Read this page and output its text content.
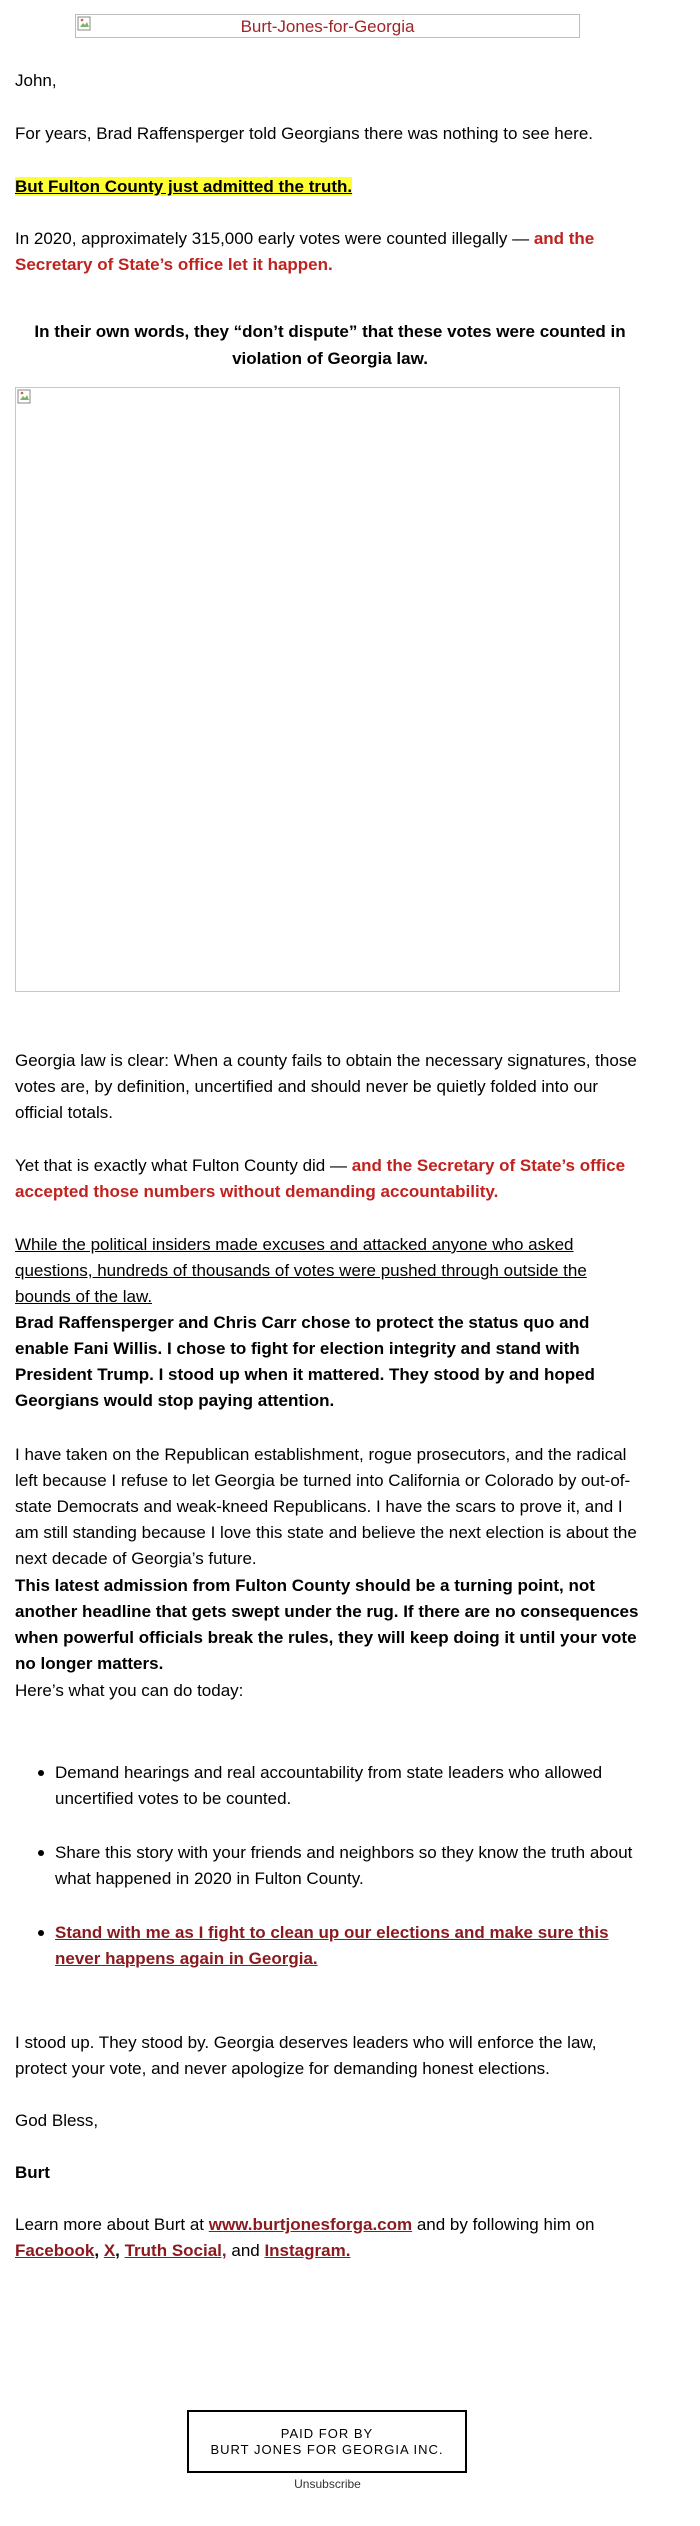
Burt-Jones-for-Georgia
John,
For years, Brad Raffensperger told Georgians there was nothing to see here.
But Fulton County just admitted the truth.
In 2020, approximately 315,000 early votes were counted illegally — and the Secretary of State’s office let it happen.
In their own words, they “don’t dispute” that these votes were counted in
violation of Georgia law.
Georgia law is clear: When a county fails to obtain the necessary signatures, those votes are, by definition, uncertified and should never be quietly folded into our official totals.
Yet that is exactly what Fulton County did — and the Secretary of State’s office accepted those numbers without demanding accountability.
While the political insiders made excuses and attacked anyone who asked questions, hundreds of thousands of votes were pushed through outside the bounds of the law.
Brad Raffensperger and Chris Carr chose to protect the status quo and enable Fani Willis. I chose to fight for election integrity and stand with President Trump. I stood up when it mattered. They stood by and hoped Georgians would stop paying attention.
I have taken on the Republican establishment, rogue prosecutors, and the radical left because I refuse to let Georgia be turned into California or Colorado by out-of-state Democrats and weak-kneed Republicans. I have the scars to prove it, and I am still standing because I love this state and believe the next election is about the next decade of Georgia’s future.
This latest admission from Fulton County should be a turning point, not another headline that gets swept under the rug. If there are no consequences when powerful officials break the rules, they will keep doing it until your vote no longer matters.
Here’s what you can do today:
Demand hearings and real accountability from state leaders who allowed uncertified votes to be counted.
Share this story with your friends and neighbors so they know the truth about what happened in 2020 in Fulton County.
Stand with me as I fight to clean up our elections and make sure this never happens again in Georgia.
I stood up. They stood by. Georgia deserves leaders who will enforce the law, protect your vote, and never apologize for demanding honest elections.
God Bless,
Burt
Learn more about Burt at www.burtjonesforga.com and by following him on
Facebook, X, Truth Social, and Instagram.
PAID FOR BY
BURT JONES FOR GEORGIA INC.
Unsubscribe
